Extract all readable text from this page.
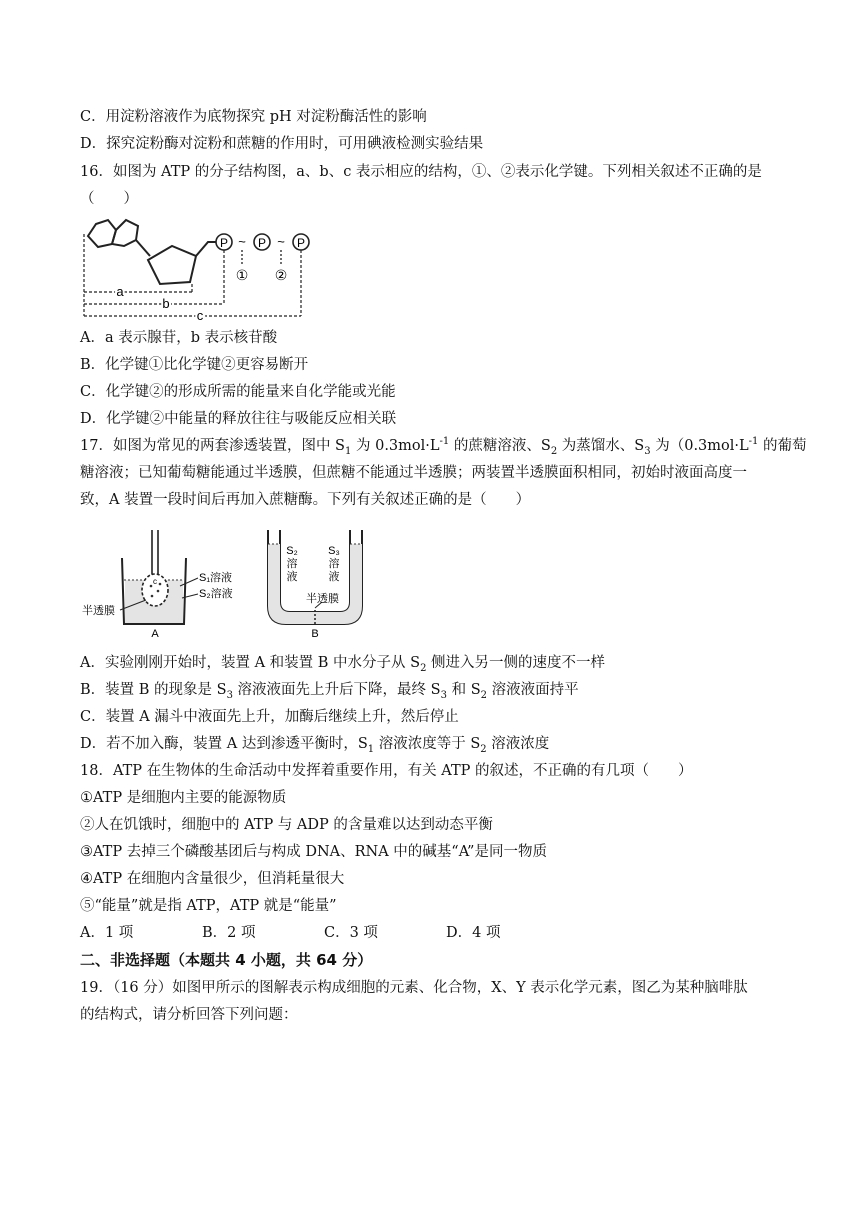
C．用淀粉溶液作为底物探究 pH 对淀粉酶活性的影响
D．探究淀粉酶对淀粉和蔗糖的作用时，可用碘液检测实验结果
16．如图为 ATP 的分子结构图，a、b、c 表示相应的结构，①、②表示化学键。下列相关叙述不正确的是
（　　）
P ~ P ~ P
① ②
a
b
c
A．a 表示腺苷，b 表示核苷酸
B．化学键①比化学键②更容易断开
C．化学键②的形成所需的能量来自化学能或光能
D．化学键②中能量的释放往往与吸能反应相关联
17．如图为常见的两套渗透装置，图中 $S_1$ 为 $0.3mol\cdot L^{-1}$ 的蔗糖溶液、$S_2$ 为蒸馏水、$S_3$ 为（$0.3mol\cdot L^{-1}$ 的葡萄
糖溶液；已知葡萄糖能通过半透膜，但蔗糖不能通过半透膜；两装置半透膜面积相同，初始时液面高度一
致，A 装置一段时间后再加入蔗糖酶。下列有关叙述正确的是（　　）
c	S₁溶液
S₂溶液
半透膜
A
S₂
溶
液
S₃
溶
液
半透膜
B
A．实验刚刚开始时，装置 A 和装置 B 中水分子从 $S_2$ 侧进入另一侧的速度不一样
B．装置 B 的现象是 $S_3$ 溶液液面先上升后下降，最终 $S_3$ 和 $S_2$ 溶液液面持平
C．装置 A 漏斗中液面先上升，加酶后继续上升，然后停止
D．若不加入酶，装置 A 达到渗透平衡时，$S_1$ 溶液浓度等于 $S_2$ 溶液浓度
18．ATP 在生物体的生命活动中发挥着重要作用，有关 ATP 的叙述，不正确的有几项（　　）
①ATP 是细胞内主要的能源物质
②人在饥饿时，细胞中的 ATP 与 ADP 的含量难以达到动态平衡
③ATP 去掉三个磷酸基团后与构成 DNA、RNA 中的碱基“A”是同一物质
④ATP 在细胞内含量很少，但消耗量很大
⑤“能量”就是指 ATP，ATP 就是“能量”
A．1 项	B．2 项	C．3 项	D．4 项
二、非选择题（本题共 4 小题，共 64 分）
19．（16 分）如图甲所示的图解表示构成细胞的元素、化合物，X、Y 表示化学元素，图乙为某种脑啡肽
的结构式，请分析回答下列问题：
